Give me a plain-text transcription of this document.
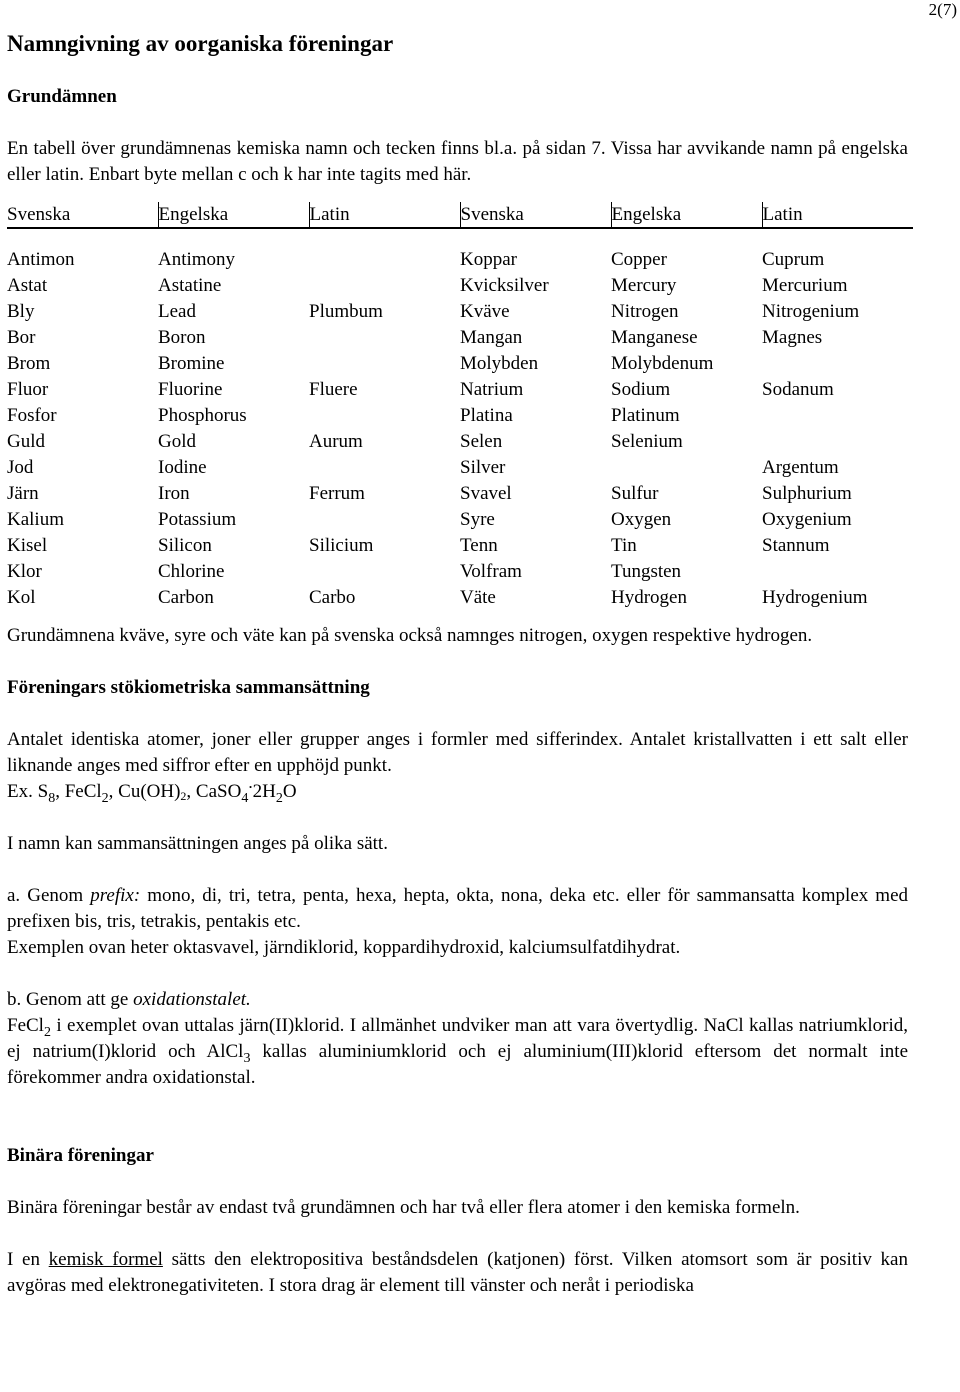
2(7)
Namngivning av oorganiska föreningar
Grundämnen

En tabell över grundämnenas kemiska namn och tecken finns bl.a. på sidan 7. Vissa har avvikande namn på engelska eller latin. Enbart byte mellan c och k har inte tagits med här.

Svenska	Engelska	Latin	Svenska	Engelska	Latin
Antimon	Antimony		Koppar	Copper	Cuprum
Astat	Astatine		Kvicksilver	Mercury	Mercurium
Bly	Lead	Plumbum	Kväve	Nitrogen	Nitrogenium
Bor	Boron		Mangan	Manganese	Magnes
Brom	Bromine		Molybden	Molybdenum	
Fluor	Fluorine	Fluere	Natrium	Sodium	Sodanum
Fosfor	Phosphorus		Platina	Platinum	
Guld	Gold	Aurum	Selen	Selenium	
Jod	Iodine		Silver		Argentum
Järn	Iron	Ferrum	Svavel	Sulfur	Sulphurium
Kalium	Potassium		Syre	Oxygen	Oxygenium
Kisel	Silicon	Silicium	Tenn	Tin	Stannum
Klor	Chlorine		Volfram	Tungsten	
Kol	Carbon	Carbo	Väte	Hydrogen	Hydrogenium

Grundämnena kväve, syre och väte kan på svenska också namnges nitrogen, oxygen respektive hydrogen.

Föreningars stökiometriska sammansättning

Antalet identiska atomer, joner eller grupper anges i formler med sifferindex. Antalet kristallvatten i ett salt eller liknande anges med siffror efter en upphöjd punkt.

Ex. $S_8$, FeCl$_2$, $Cu(OH)_2$, $CaSO_4^\cdot 2H_2O$

I namn kan sammansättningen anges på olika sätt.

a. Genom prefix: mono, di, tri, tetra, penta, hexa, hepta, okta, nona, deka etc. eller för sammansatta komplex med prefixen bis, tris, tetrakis, pentakis etc.

Exemplen ovan heter oktasvavel, järndiklorid, koppardihydroxid, kalciumsulfatdihydrat.

b. Genom att ge oxidationstalet.

FeCl$_2$ i exemplet ovan uttalas järn(II)klorid. I allmänhet undviker man att vara övertydlig. NaCl kallas natriumklorid, ej natrium(I)klorid och AlCl$_3$ kallas aluminiumklorid och ej aluminium(III)klorid eftersom det normalt inte förekommer andra oxidationstal.

Binära föreningar

Binära föreningar består av endast två grundämnen och har två eller flera atomer i den kemiska formeln.

I en kemisk formel sätts den elektropositiva beståndsdelen (katjonen) först. Vilken atomsort som är positiv kan avgöras med elektronegativiteten. I stora drag är element till vänster och neråt i periodiska
